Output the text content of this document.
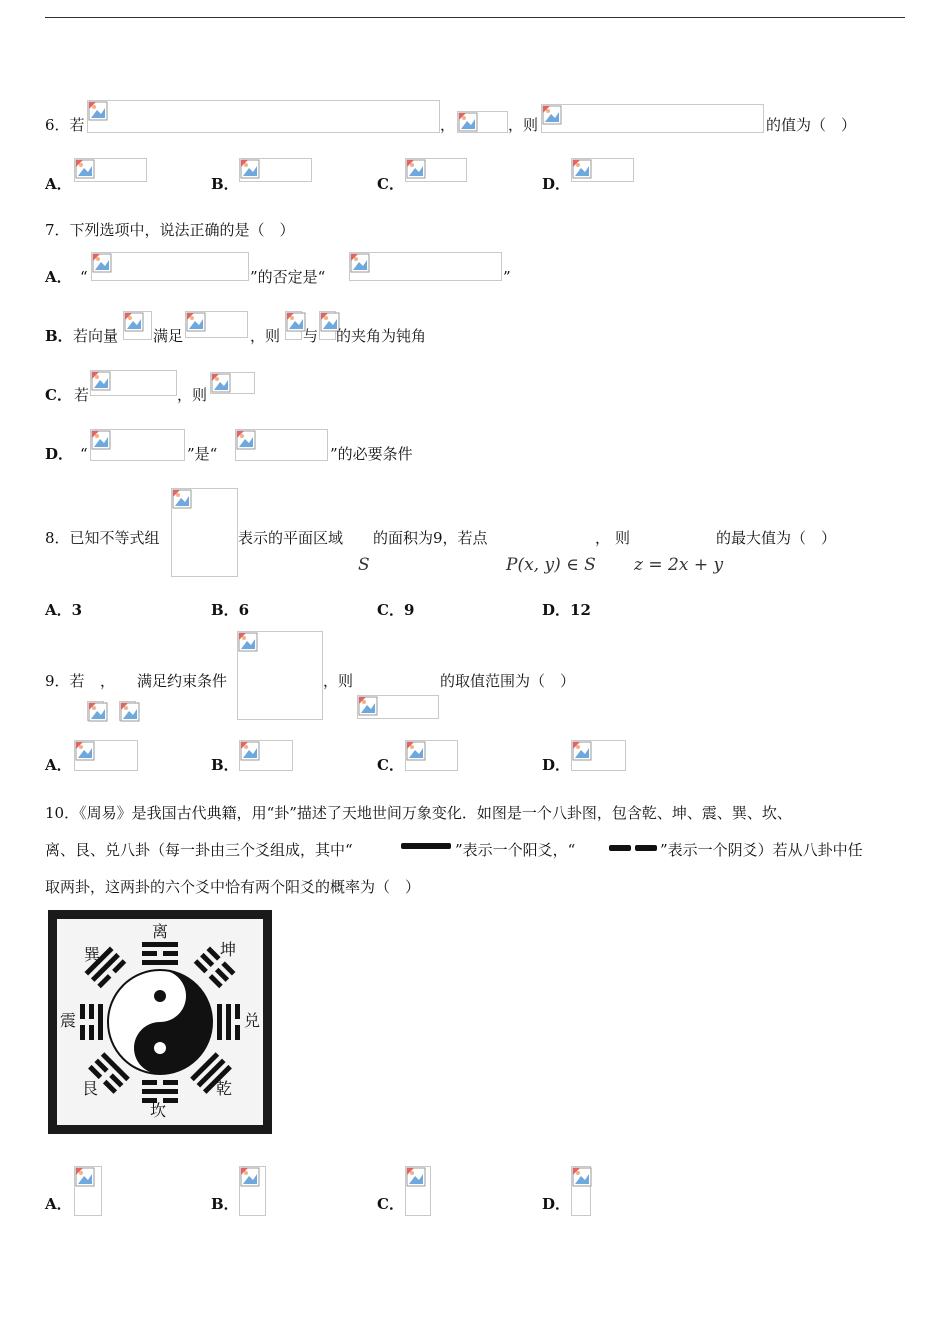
6．若	，	，则	的值为（　）
A．	B．	C．	D．
7．下列选项中，说法正确的是（　）
A． “	”的否定是“	”
B． 若向量 满足	，则 与 的夹角为钝角
C． 若	，则
D． “	”是“	”的必要条件
8．已知不等式组	表示的平面区域 的面积为9，若点	， 则	的最大值为（　）
S	P(x, y) ∈ S z = 2x + y
A．3	B．6	C．9	D．12
9．若 ， 满足约束条件	，则	的取值范围为（　）
A．	B．	C．	D．
10．《周易》是我国古代典籍，用“卦”描述了天地世间万象变化．如图是一个八卦图，包含乾、坤、震、巽、坎、
离、艮、兑八卦（每一卦由三个爻组成，其中“	”表示一个阳爻，“	”表示一个阴爻）若从八卦中任
取两卦，这两卦的六个爻中恰有两个阳爻的概率为（　）
离
坤
兑
乾
坎
艮
震
巽
A．	B．	C．	D．
